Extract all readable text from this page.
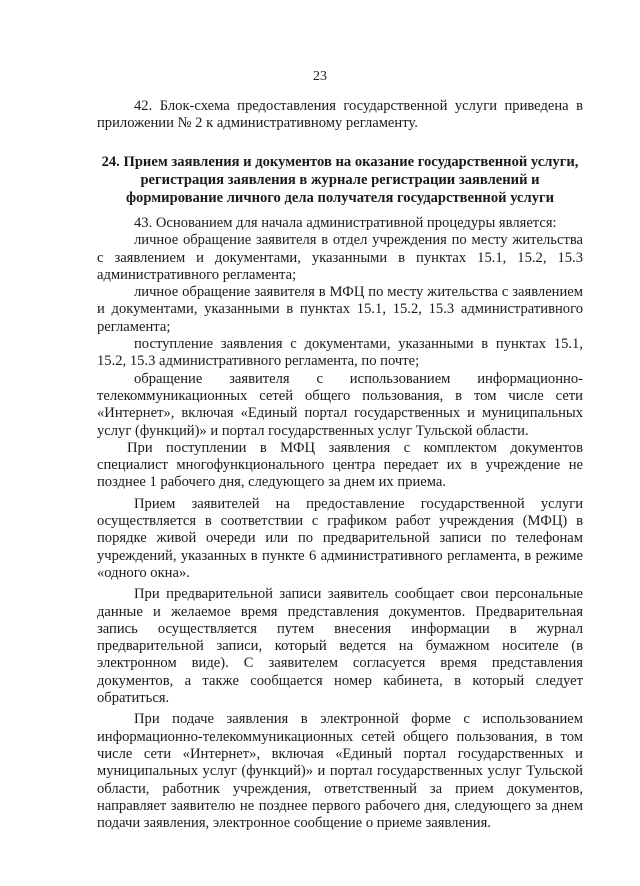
23

42. Блок-схема предоставления государственной услуги приведена в приложении № 2 к административному регламенту.

24. Прием заявления и документов на оказание государственной услуги, регистрация заявления в журнале регистрации заявлений и формирование личного дела получателя государственной услуги

43. Основанием для начала административной процедуры является:

личное обращение заявителя в отдел учреждения по месту жительства с заявлением и документами, указанными в пунктах 15.1, 15.2, 15.3 административного регламента;

личное обращение заявителя в МФЦ по месту жительства с заявлением и документами, указанными в пунктах 15.1, 15.2, 15.3 административного регламента;

поступление заявления с документами, указанными в пунктах 15.1, 15.2, 15.3 административного регламента, по почте;

обращение заявителя с использованием информационно-телекоммуникационных сетей общего пользования, в том числе сети «Интернет», включая «Единый портал государственных и муниципальных услуг (функций)» и портал государственных услуг Тульской области.

При поступлении в МФЦ заявления с комплектом документов специалист многофункционального центра передает их в учреждение не позднее 1 рабочего дня, следующего за днем их приема.

Прием заявителей на предоставление государственной услуги осуществляется в соответствии с графиком работ учреждения (МФЦ) в порядке живой очереди или по предварительной записи по телефонам учреждений, указанных в пункте 6 административного регламента, в режиме «одного окна».

При предварительной записи заявитель сообщает свои персональные данные и желаемое время представления документов. Предварительная запись осуществляется путем внесения информации в журнал предварительной записи, который ведется на бумажном носителе (в электронном виде). С заявителем согласуется время представления документов, а также сообщается номер кабинета, в который следует обратиться.

При подаче заявления в электронной форме с использованием информационно-телекоммуникационных сетей общего пользования, в том числе сети «Интернет», включая «Единый портал государственных и муниципальных услуг (функций)» и портал государственных услуг Тульской области, работник учреждения, ответственный за прием документов, направляет заявителю не позднее первого рабочего дня, следующего за днем подачи заявления, электронное сообщение о приеме заявления.
